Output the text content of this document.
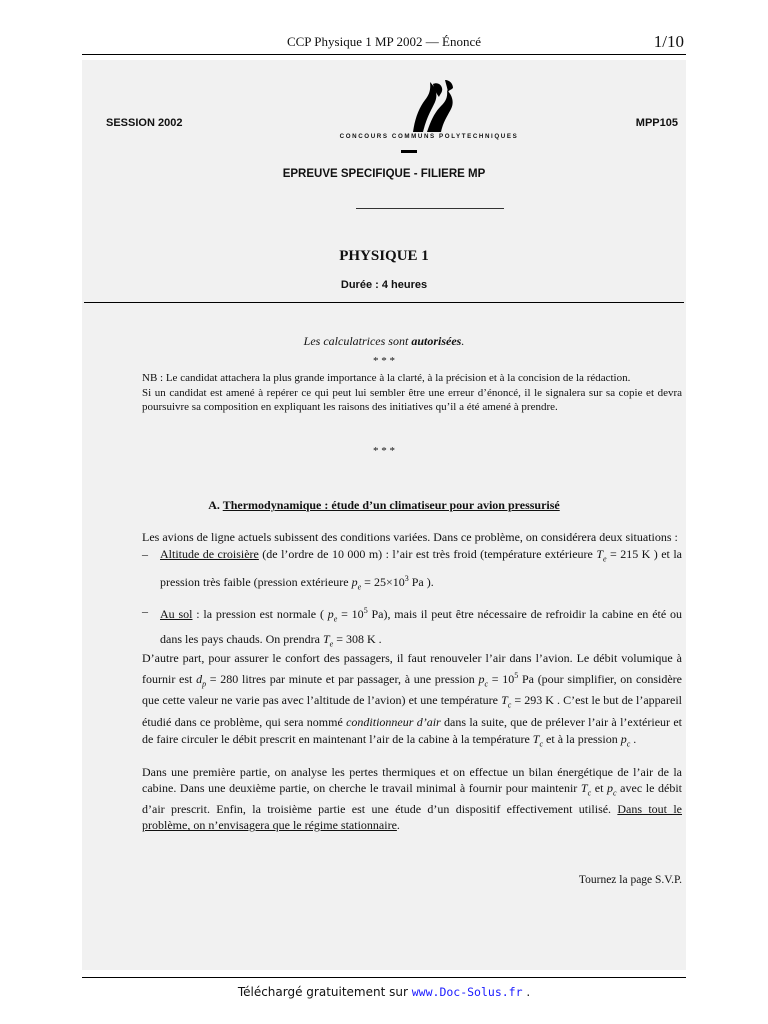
CCP Physique 1 MP 2002 — Énoncé	1/10
SESSION 2002	MPP105
CONCOURS COMMUNS POLYTECHNIQUES
EPREUVE SPECIFIQUE - FILIERE MP
PHYSIQUE 1
Durée : 4 heures
Les calculatrices sont autorisées.
* * *

NB : Le candidat attachera la plus grande importance à la clarté, à la précision et à la concision de la rédaction.

Si un candidat est amené à repérer ce qui peut lui sembler être une erreur d’énoncé, il le signalera sur sa copie et devra poursuivre sa composition en expliquant les raisons des initiatives qu’il a été amené à prendre.

* * *
A. Thermodynamique : étude d’un climatiseur pour avion pressurisé

Les avions de ligne actuels subissent des conditions variées. Dans ce problème, on considérera deux situations :

– Altitude de croisière (de l’ordre de 10 000 m) : l’air est très froid (température extérieure $T_e = 215$ K ) et la pression très faible (pression extérieure $p_e = 25\times 10^3$ Pa ).
– Au sol : la pression est normale ( $p_e = 10^5$ Pa), mais il peut être nécessaire de refroidir la cabine en été ou dans les pays chauds. On prendra $T_e = 308$ K .

D’autre part, pour assurer le confort des passagers, il faut renouveler l’air dans l’avion. Le débit volumique à fournir est $d_p = 280$ litres par minute et par passager, à une pression $p_c = 10^5$ Pa (pour simplifier, on considère que cette valeur ne varie pas avec l’altitude de l’avion) et une température $T_c = 293$ K . C’est le but de l’appareil étudié dans ce problème, qui sera nommé conditionneur d’air dans la suite, que de prélever l’air à l’extérieur et de faire circuler le débit prescrit en maintenant l’air de la cabine à la température $T_c$ et à la pression $p_c$ .

Dans une première partie, on analyse les pertes thermiques et on effectue un bilan énergétique de l’air de la cabine. Dans une deuxième partie, on cherche le travail minimal à fournir pour maintenir $T_c$ et $p_c$ avec le débit d’air prescrit. Enfin, la troisième partie est une étude d’un dispositif effectivement utilisé. Dans tout le problème, on n’envisagera que le régime stationnaire.

Tournez la page S.V.P.
Téléchargé gratuitement sur www.Doc-Solus.fr .
